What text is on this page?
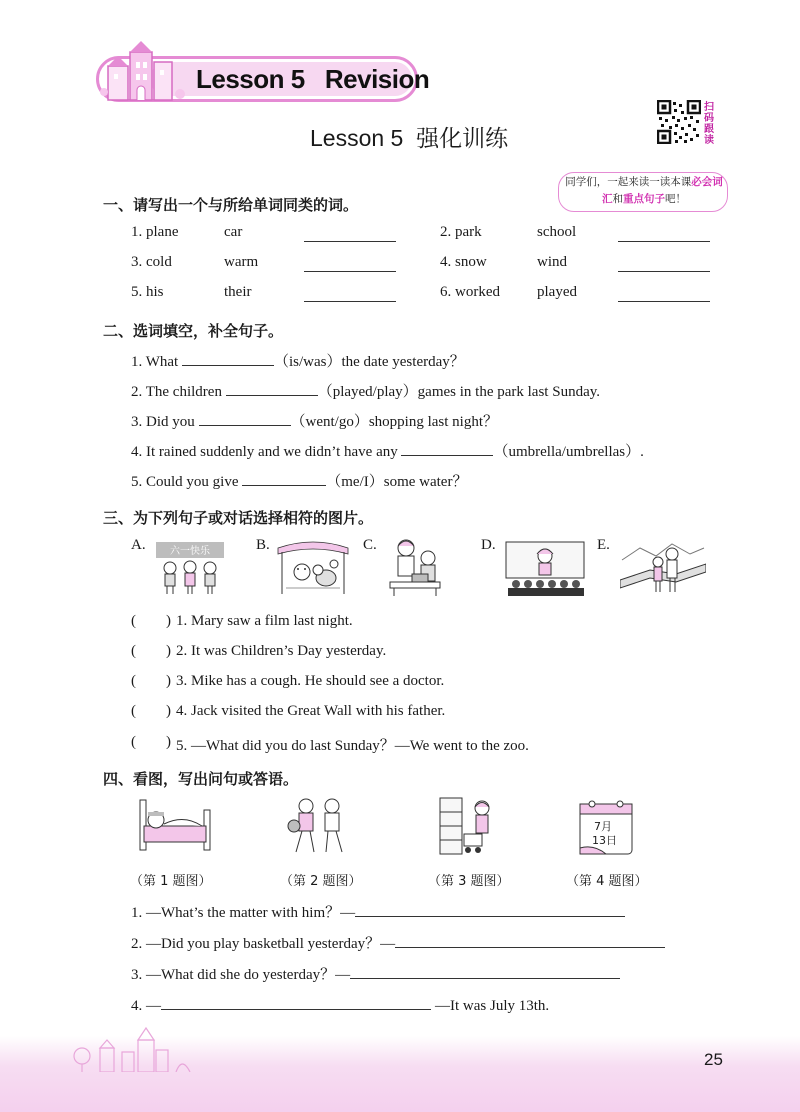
Lesson 5   Revision
Lesson 5  强化训练
扫码跟读
同学们，一起来读一读本课必会词汇和重点句子吧！
一、请写出一个与所给单词同类的词。
1. plane	car	2. park	school
3. cold	warm	4. snow	wind
5. his	their	6. worked played
二、选词填空，补全句子。
1. What	（is/was）the date yesterday？
2. The children	（played/play）games in the park last Sunday.
3. Did you	（went/go）shopping last night？
4. It rained suddenly and we didn’t have any	（umbrella/umbrellas）.
5. Could you give	（me/I）some water？
三、为下列句子或对话选择相符的图片。
A.	B.	C.	D.	E.
六一快乐
(        ) 1. Mary saw a film last night.
(        ) 2. It was Children’s Day yesterday.
(        ) 3. Mike has a cough. He should see a doctor.
(        ) 4. Jack visited the Great Wall with his father.
(        ) 5. —What did you do last Sunday？—We went to the zoo.
四、看图，写出问句或答语。
7月
13日
（第 1 题图）	（第 2 题图）	（第 3 题图）	（第 4 题图）
1. —What’s the matter with him？—
2. —Did you play basketball yesterday？—
3. —What did she do yesterday？—
4. —	—It was July 13th.
25
